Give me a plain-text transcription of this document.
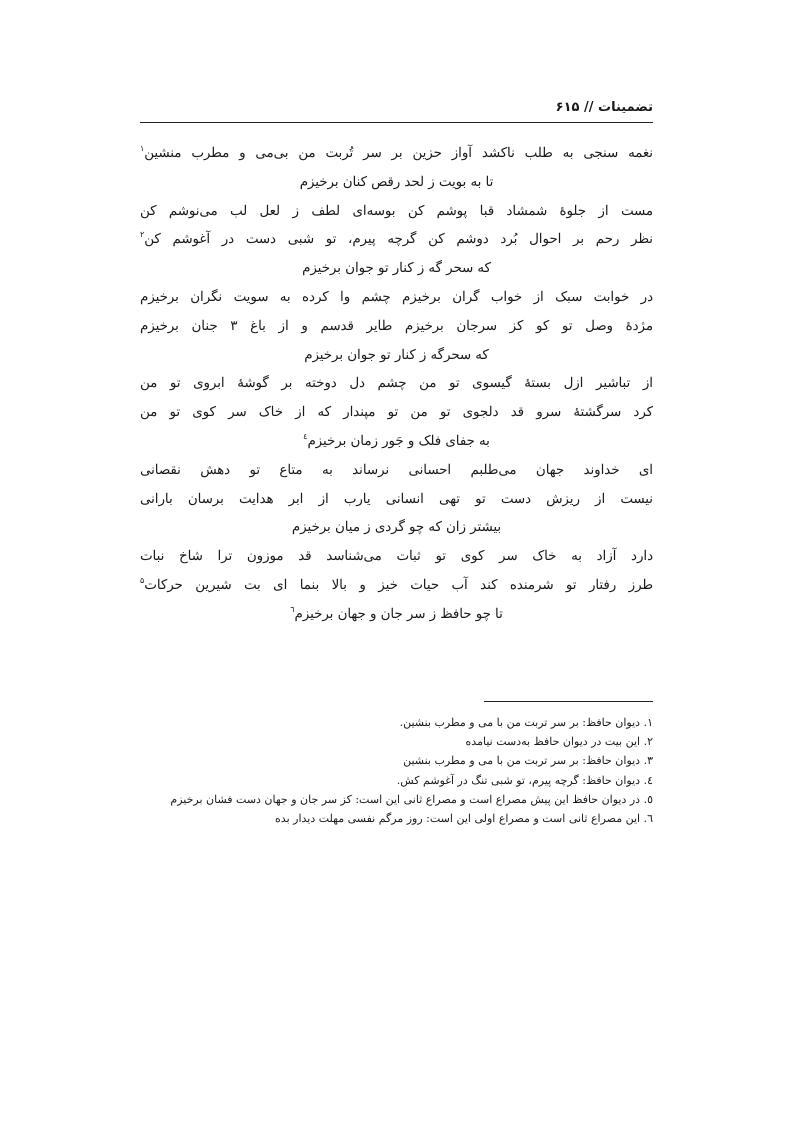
تضمینات // ۶۱۵
نغمه سنجی به طلب ناکشد آواز حزین بر سر تُربت من بی‌می و مطرب منشین$^۱$
تا به بویت ز لحد رقص کنان برخیزم
مست از جلوهٔ شمشاد قبا پوشم کن بوسه‌ای لطف ز لعل لب می‌نوشم کن
نظر رحم بر احوال بُرد دوشم کن گرچه پیرم، تو شبی دست در آغوشم کن$^۲$
که سحر گه ز کنار تو جوان برخیزم
در خوابت سبک از خواب گران برخیزم چشم وا کرده به سویت نگران برخیزم
مژدهٔ وصل تو کو کز سرجان برخیزم طایر قدسم و از باغ ۳ جنان برخیزم
که سحرگه ز کنار تو جوان برخیزم
از تباشیر ازل بستهٔ گیسوی تو من چشم دل دوخته بر گوشهٔ ابروی تو من
کرد سرگشتهٔ سرو قد دلجوی تو من تو مپندار که از خاک سر کوی تو من
به جفای فلک و جَور زمان برخیزم$^٤$
ای خداوند جهان می‌طلبم احسانی نرساند به متاع تو دهش نقصانی
نیست از ریزش دست تو تهی انسانی یارب از ابر هدایت برسان بارانی
بیشتر زان که چو گردی ز میان برخیزم
دارد آزاد به خاک سر کوی تو ثبات می‌شناسد قد موزون ترا شاخ نبات
طرز رفتار تو شرمنده کند آب حیات خیز و بالا بنما ای بت شیرین حرکات$^۵$
تا چو حافظ ز سر جان و جهان برخیزم$^٦$
١. دیوان حافظ: بر سر تربت من با می و مطرب بنشین.
٢. این بیت در دیوان حافظ به‌دست نیامده
٣. دیوان حافظ: بر سر تربت من با می و مطرب بنشین
٤. دیوان حافظ: گرچه پیرم، تو شبی تنگ در آغوشم کش.
٥. در دیوان حافظ این پیش مصراع است و مصراع ثانی این است: کز سر جان و جهان دست فشان برخیزم
٦. این مصراع ثانی است و مصراع اولی این است: روز مرگم نفسی مهلت دیدار بده
